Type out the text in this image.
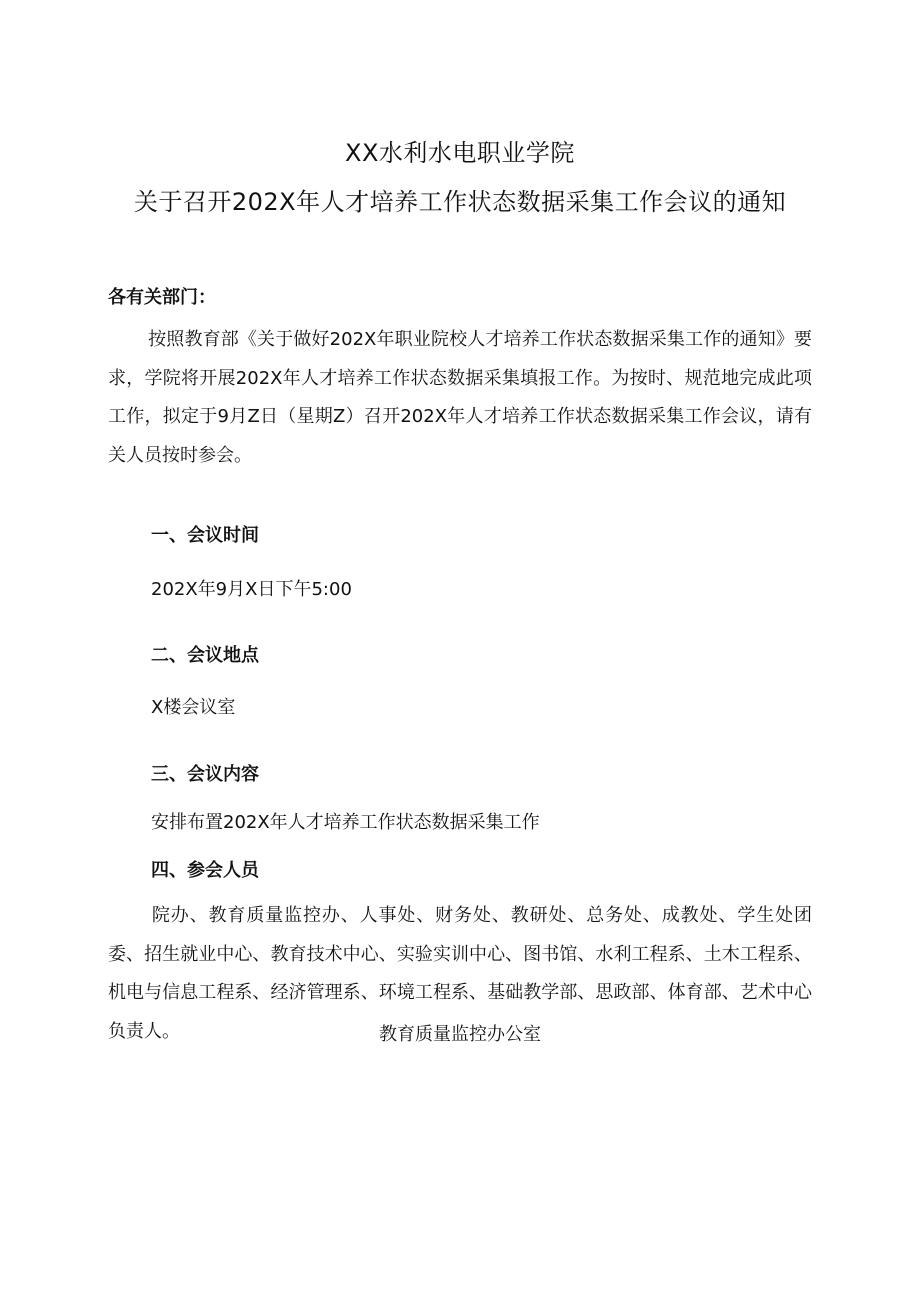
XX水利水电职业学院
关于召开202X年人才培养工作状态数据采集工作会议的通知
各有关部门：
按照教育部《关于做好202X年职业院校人才培养工作状态数据采集工作的通知》要求，学院将开展202X年人才培养工作状态数据采集填报工作。为按时、规范地完成此项工作，拟定于9月Z日（星期Z）召开202X年人才培养工作状态数据采集工作会议，请有关人员按时参会。
一、会议时间
202X年9月X日下午5:00
二、会议地点
X楼会议室
三、会议内容
安排布置202X年人才培养工作状态数据采集工作
四、参会人员
院办、教育质量监控办、人事处、财务处、教研处、总务处、成教处、学生处团委、招生就业中心、教育技术中心、实验实训中心、图书馆、水利工程系、土木工程系、机电与信息工程系、经济管理系、环境工程系、基础教学部、思政部、体育部、艺术中心负责人。	教育质量监控办公室
